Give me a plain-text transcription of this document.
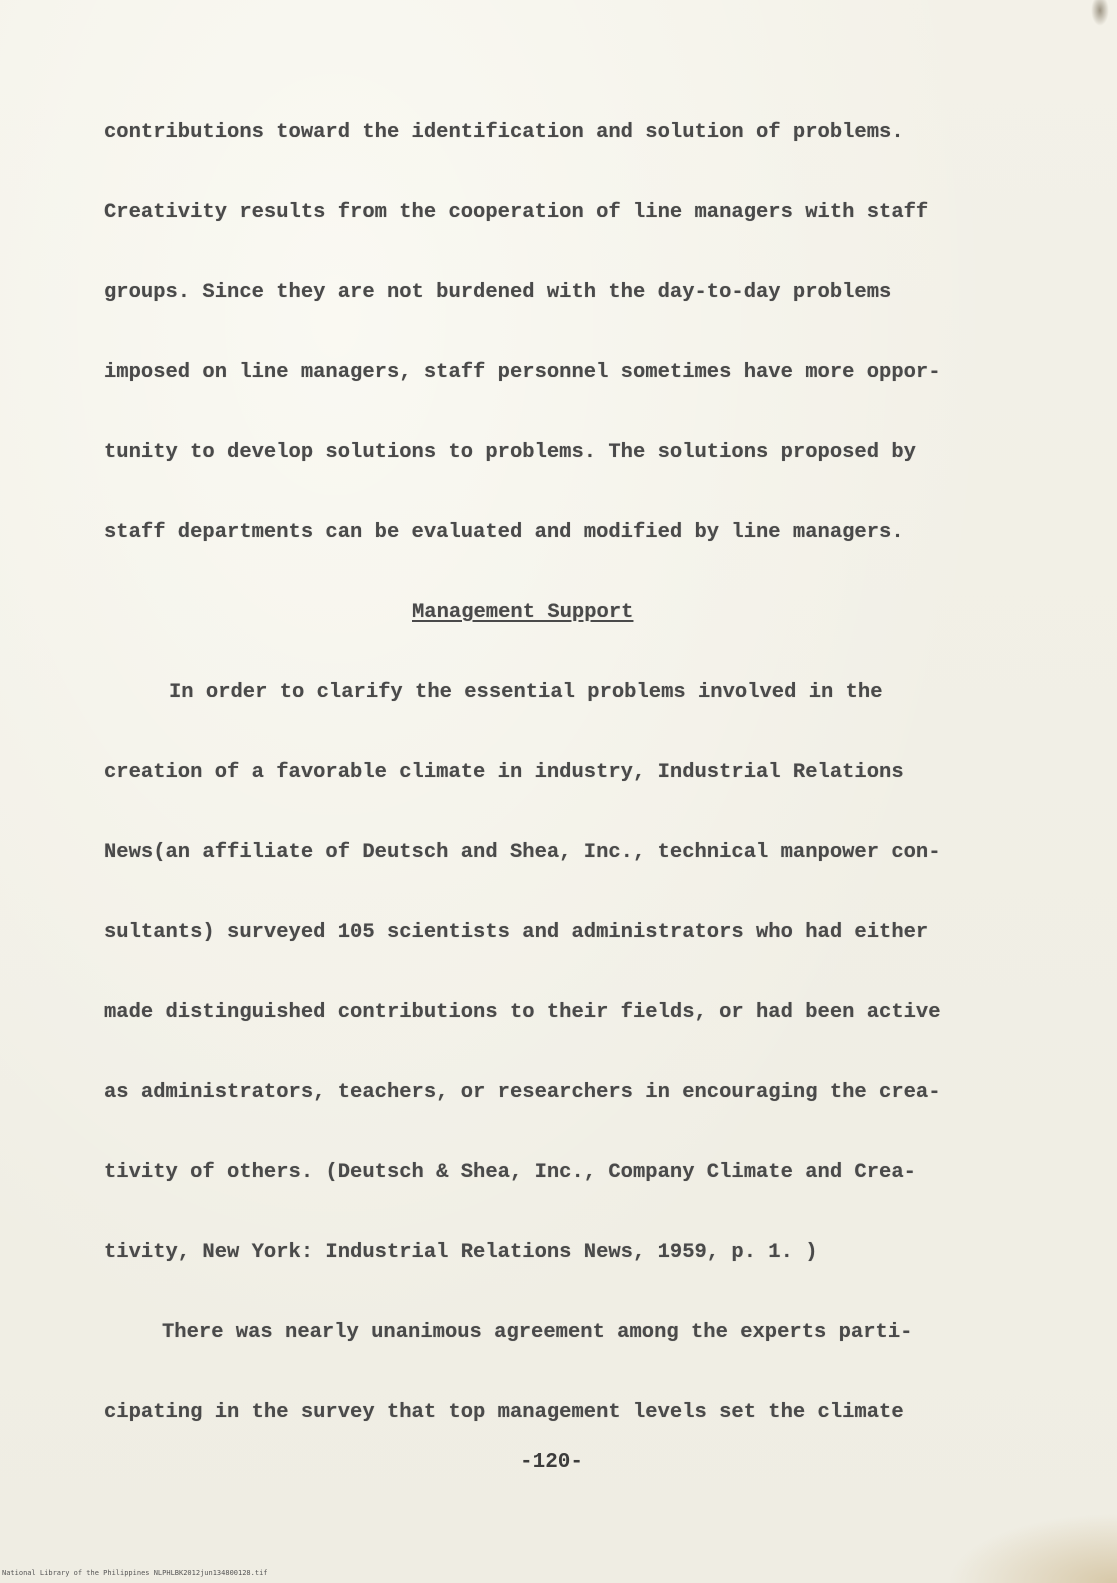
contributions toward the identification and solution of problems.
Creativity results from the cooperation of line managers with staff
groups. Since they are not burdened with the day-to-day problems
imposed on line managers, staff personnel sometimes have more oppor-
tunity to develop solutions to problems. The solutions proposed by
staff departments can be evaluated and modified by line managers.
Management Support
In order to clarify the essential problems involved in the
creation of a favorable climate in industry, Industrial Relations
News(an affiliate of Deutsch and Shea, Inc., technical manpower con-
sultants) surveyed 105 scientists and administrators who had either
made distinguished contributions to their fields, or had been active
as administrators, teachers, or researchers in encouraging the crea-
tivity of others. (Deutsch & Shea, Inc., Company Climate and Crea-
tivity, New York: Industrial Relations News, 1959, p. 1. )
There was nearly unanimous agreement among the experts parti-
cipating in the survey that top management levels set the climate
-120-
National Library of the Philippines NLPHLBK2012jun134800128.tif
